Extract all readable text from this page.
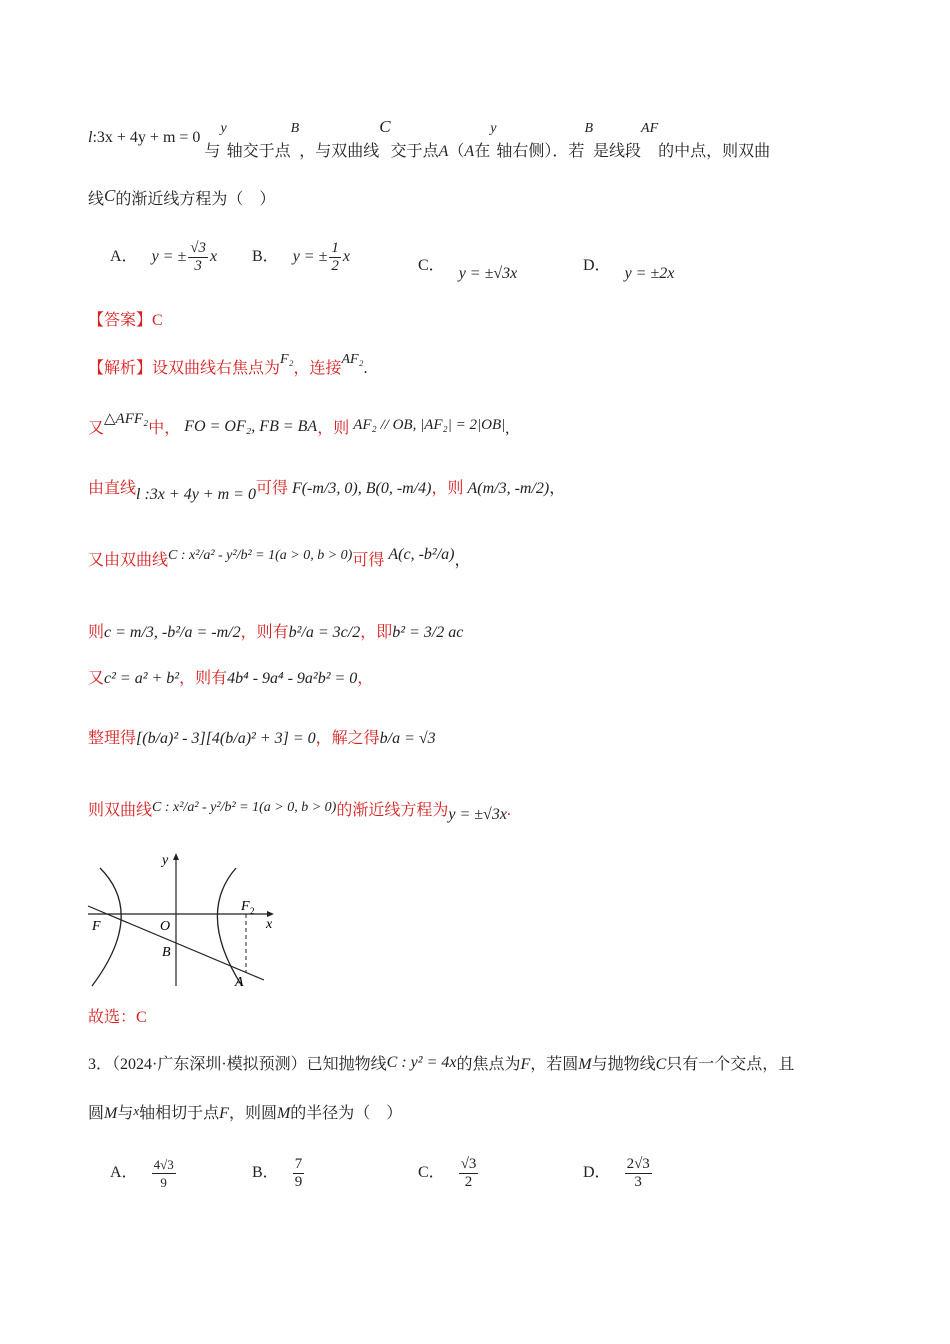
l:3x + 4y + m = 0 与y轴交于点B，与双曲线C交于点A（A在y轴右侧）．若B是线段AF的中点，则双曲
线C的渐近线方程为（　）
A． y = ± $\frac{√3}{3}$ x B． y = ± $\frac{1}{2}$ x
C． y = ±√3x	D． y = ±2x
【答案】C
【解析】设双曲线右焦点为F₂，连接AF₂.
又△AFF₂中， FO = OF₂, FB = BA，则 AF₂ // OB, |AF₂| = 2|OB|,
由直线l :3x + 4y + m = 0可得 F(-m/3, 0), B(0, -m/4)，则 A(m/3, -m/2)，
又由双曲线C : x²/a² - y²/b² = 1(a > 0, b > 0)可得 A(c, -b²/a)，
则c = m/3, -b²/a = -m/2，则有b²/a = 3c/2，即b² = 3/2 ac
又c² = a² + b²，则有4b⁴ - 9a⁴ - 9a²b² = 0，
整理得[(b/a)² - 3][4(b/a)² + 3] = 0，解之得b/a = √3
则双曲线C : x²/a² - y²/b² = 1(a > 0, b > 0)的渐近线方程为y = ±√3x.
y
x
O
F
F 2
B
A
故选：C
3．（2024·广东深圳·模拟预测）已知抛物线C : y² = 4x的焦点为F，若圆M与抛物线C只有一个交点，且
圆M与x轴相切于点F，则圆M的半径为（　）
A． $\frac{4√3}{9}$	B． $\frac{7}{9}$	C． $\frac{√3}{2}$	D． $\frac{2√3}{3}$
